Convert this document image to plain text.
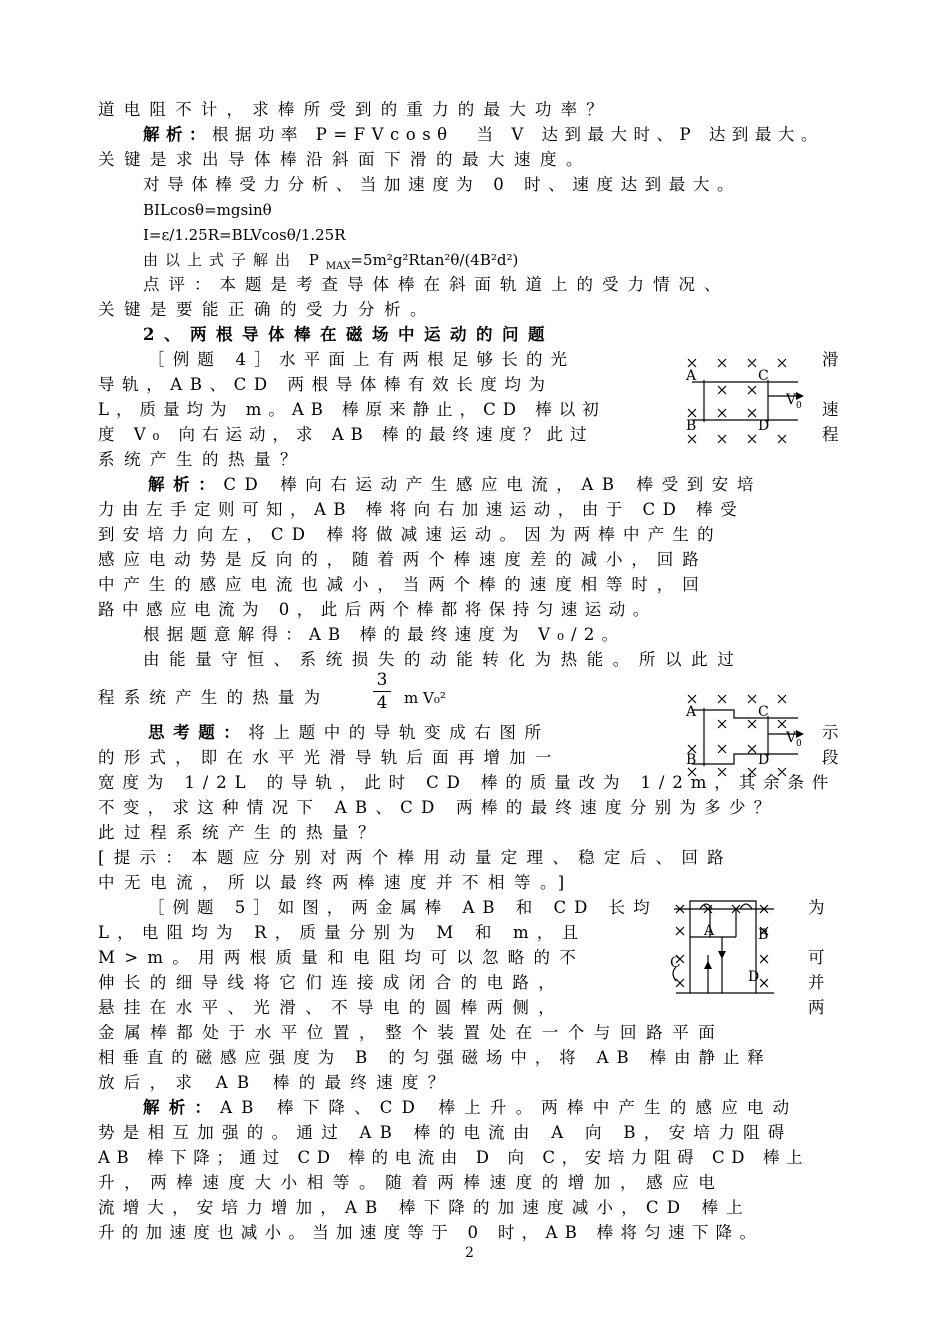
道电阻不计，求棒所受到的重力的最大功率？
解析：根据功率 P=FVcosθ　当 V 达到最大时、P 达到最大。
关键是求出导体棒沿斜面下滑的最大速度。
对导体棒受力分析、当加速度为 0 时、速度达到最大。
BILcosθ=mgsinθ
I=ε/1.25R=BLVcosθ/1.25R
由以上式子解出 $P_{MAX}=5m^2g^2Rtan^2\theta/(4B^2d^2)$
点评：本题是考查导体棒在斜面轨道上的受力情况、
关键是要能正确的受力分析。
2、两根导体棒在磁场中运动的问题
［例题 4］水平面上有两根足够长的光	滑
导轨，AB、CD 两根导体棒有效长度均为
L，质量均为 m。AB 棒原来静止，CD 棒以初	速
度 V₀ 向右运动，求 AB 棒的最终速度？此过	程
系统产生的热量？
A	C
B	D
V 0
解析：CD 棒向右运动产生感应电流，AB 棒受到安培
力由左手定则可知，AB 棒将向右加速运动，由于 CD 棒受
到安培力向左，CD 棒将做减速运动。因为两棒中产生的
感应电动势是反向的，随着两个棒速度差的减小，回路
中产生的感应电流也减小，当两个棒的速度相等时，回
路中感应电流为 0，此后两个棒都将保持匀速运动。
根据题意解得：AB 棒的最终速度为 V₀/2。
由能量守恒、系统损失的动能转化为热能。所以此过
程系统产生的热量为
3
4 m V₀²
A	C
B	D
V 0
思考题：将上题中的导轨变成右图所	示
的形式，即在水平光滑导轨后面再增加一	段
宽度为 1/2L 的导轨，此时 CD 棒的质量改为 1/2m，其余条件
不变，求这种情况下 AB、CD 两棒的最终速度分别为多少？
此过程系统产生的热量？
[提示：本题应分别对两个棒用动量定理、稳定后、回路
中无电流，所以最终两棒速度并不相等。]
［例题 5］如图，两金属棒 AB 和 CD 长均	为
L，电阻均为 R，质量分别为 M 和 m，且
M>m。用两根质量和电阻均可以忽略的不	可
伸长的细导线将它们连接成闭合的电路，	并
悬挂在水平、光滑、不导电的圆棒两侧，	两
金属棒都处于水平位置，整个装置处在一个与回路平面
相垂直的磁感应强度为 B 的匀强磁场中，将 AB 棒由静止释
放后，求 AB 棒的最终速度？
A	B
C
D
解析：AB 棒下降、CD 棒上升。两棒中产生的感应电动
势是相互加强的。通过 AB 棒的电流由 A 向 B，安培力阻碍
AB 棒下降；通过 CD 棒的电流由 D 向 C，安培力阻碍 CD 棒上
升，两棒速度大小相等。随着两棒速度的增加，感应电
流增大，安培力增加，AB 棒下降的加速度减小，CD 棒上
升的加速度也减小。当加速度等于 0 时，AB 棒将匀速下降。
2
